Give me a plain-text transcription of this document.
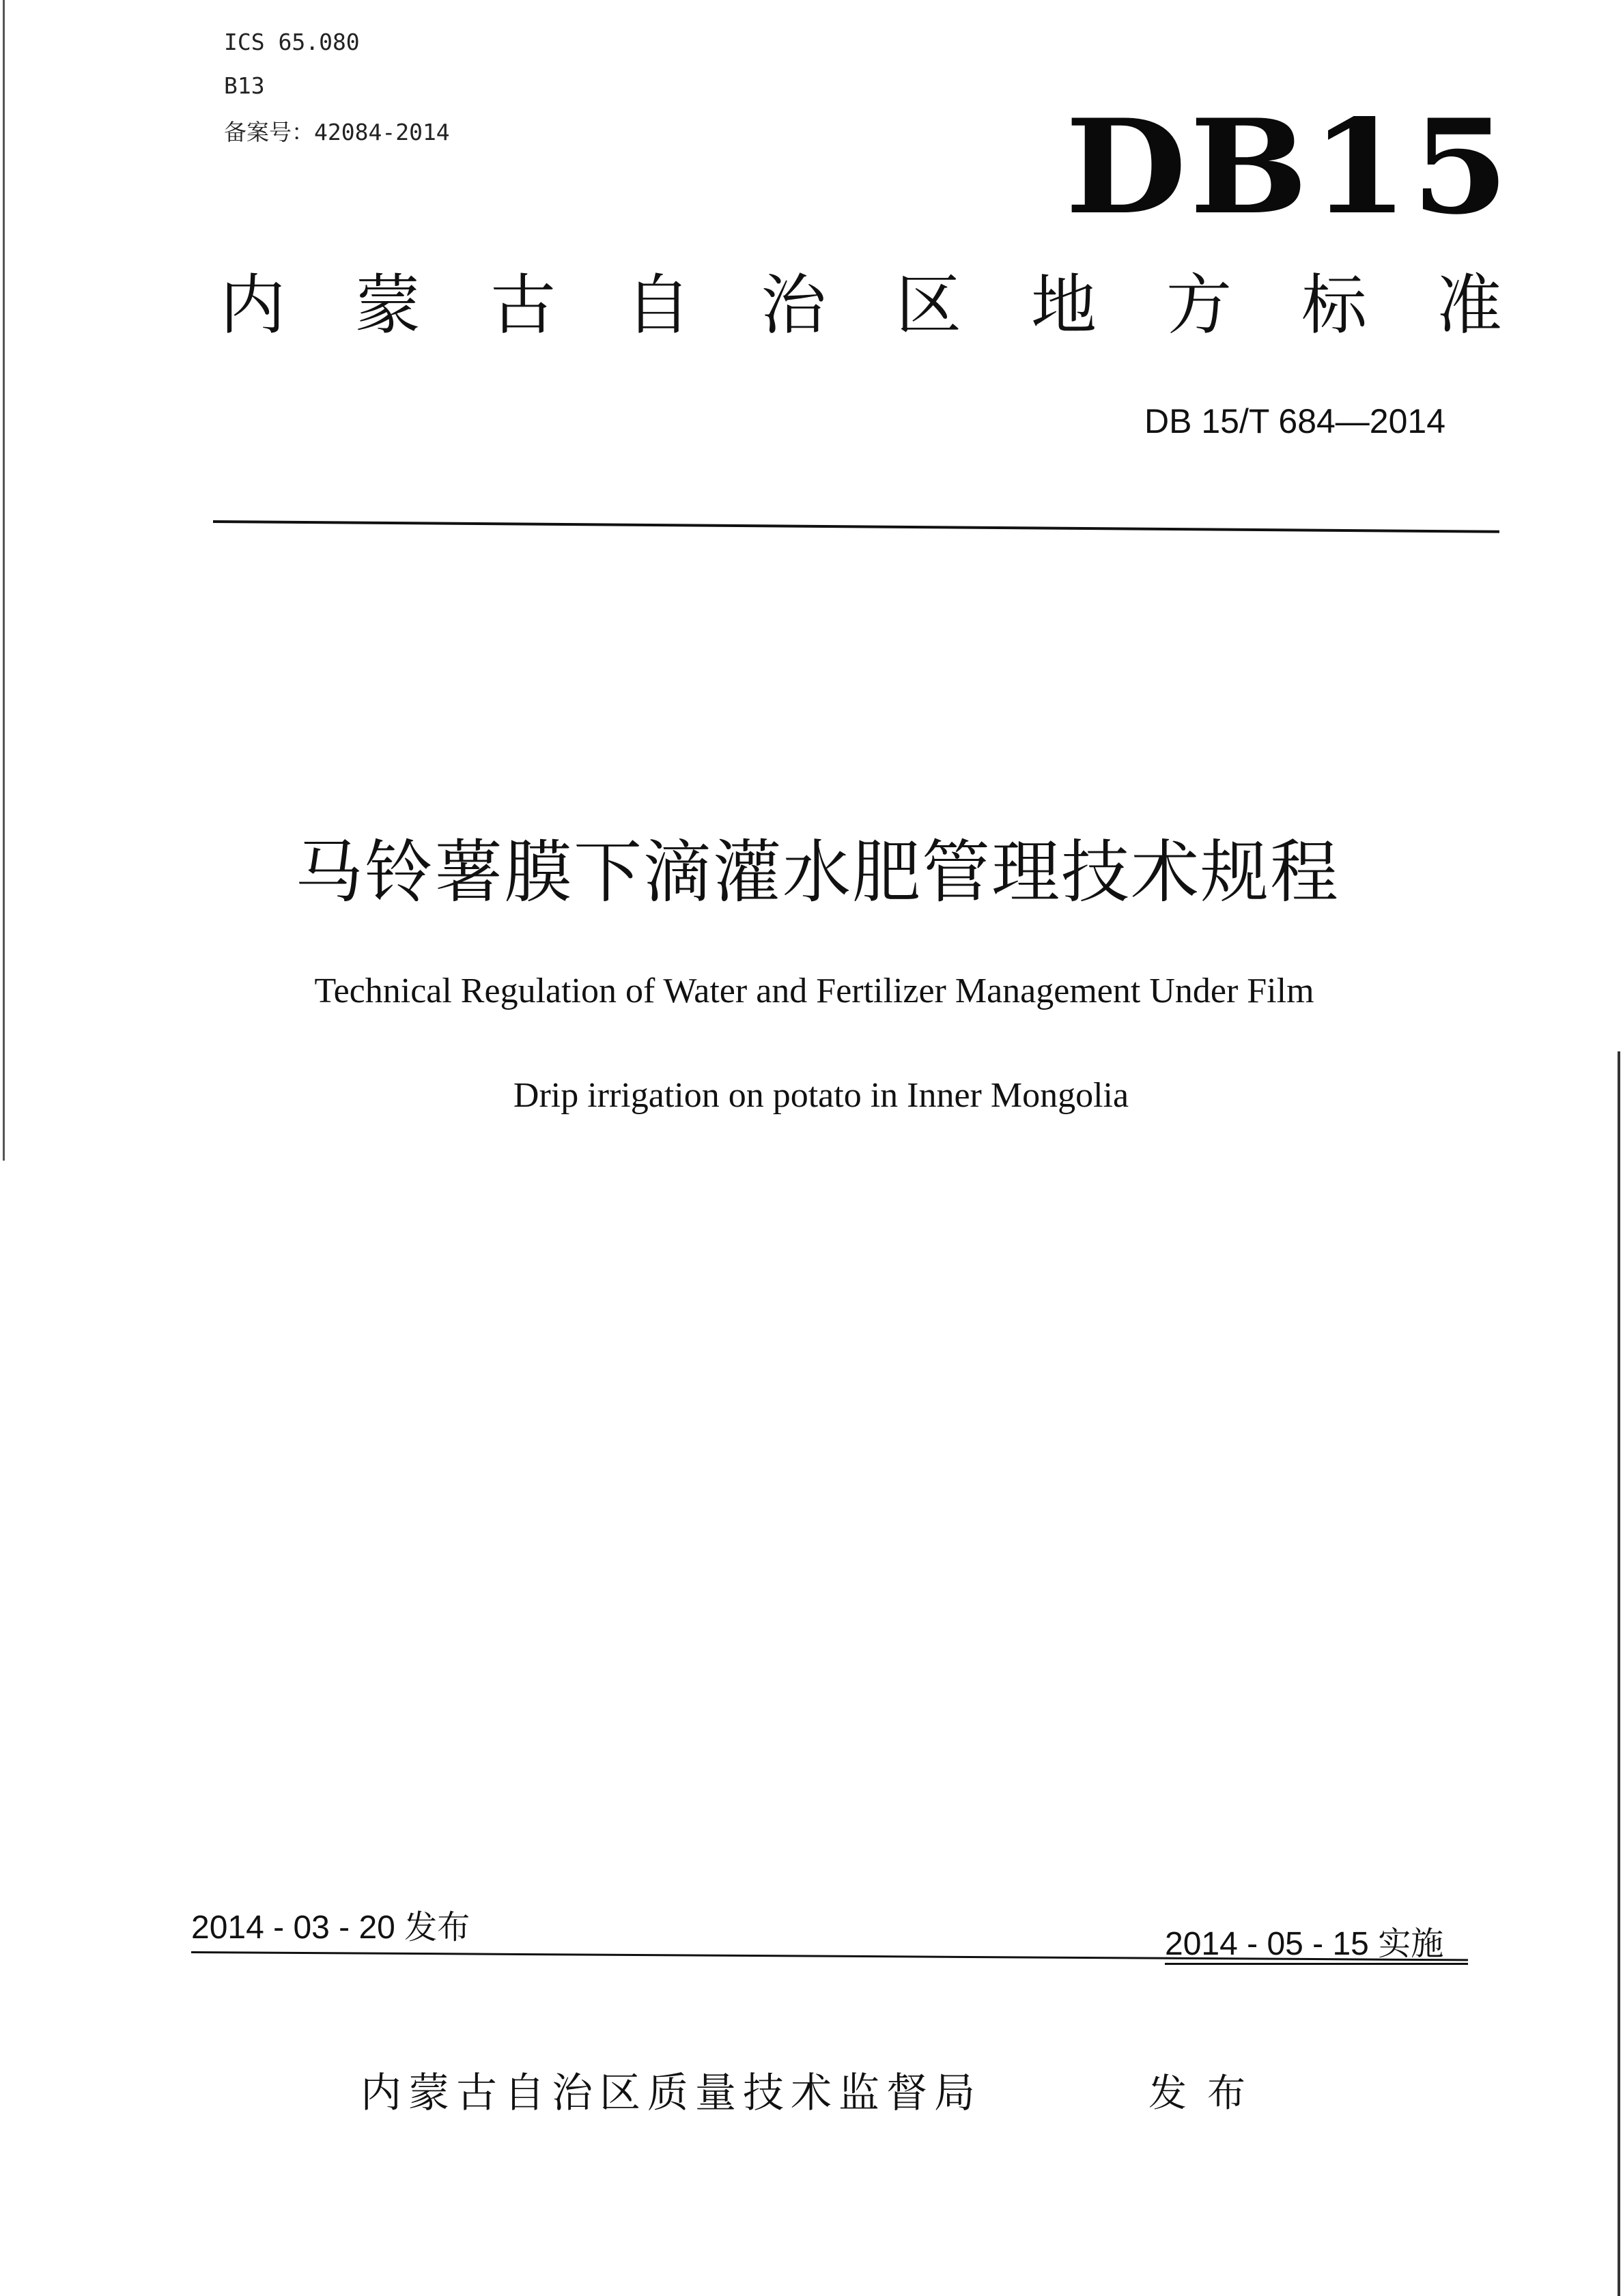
ICS 65.080
B13
备案号：42084-2014	DB15
内蒙古自治区地方标准
DB 15/T 684—2014
马铃薯膜下滴灌水肥管理技术规程
Technical Regulation of Water and Fertilizer Management Under Film
Drip irrigation on potato in Inner Mongolia
2014 - 03 - 20 发布	2014 - 05 - 15 实施
内蒙古自治区质量技术监督局	发布
